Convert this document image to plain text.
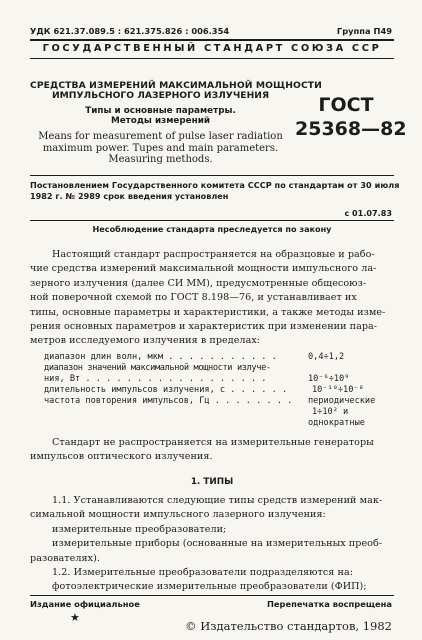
УДК 621.37.089.5 : 621.375.826 : 006.354	Группа П49
ГОСУДАРСТВЕННЫЙ СТАНДАРТ СОЮЗА ССР
СРЕДСТВА ИЗМЕРЕНИЙ МАКСИМАЛЬНОЙ МОЩНОСТИ
ИМПУЛЬСНОГО ЛАЗЕРНОГО ИЗЛУЧЕНИЯ
Типы и основные параметры.
Методы измерений
Means for measurement of pulse laser radiation
maximum power. Tupes and main parameters.
Measuring methods.
ГОСТ
25368—82
Постановлением Государственного комитета СССР по стандартам от 30 июля
1982 г. № 2989 срок введения установлен
с 01.07.83
Несоблюдение стандарта преследуется по закону
Настоящий стандарт распространяется на образцовые и рабо-
чие средства измерений максимальной мощности импульсного ла-
зерного излучения (далее СИ ММ), предусмотренные общесоюз-
ной поверочной схемой по ГОСТ 8.198—76, и устанавливает их
типы, основные параметры и характеристики, а также методы изме-
рения основных параметров и характеристик при изменении пара-
метров исследуемого излучения в пределах:
диапазон длин волн, мкм . . . . . . . . . . .	0,4÷1,2
диапазон значений максимальной мощности излуче-
ния, Вт . . . . . . . . . . . . . . . . . .	10⁻⁶÷10⁹
длительность импульсов излучения, с . . . . . .	10⁻¹⁰÷10⁻⁸
частота повторения импульсов, Гц . . . . . . . . периодические
1÷10² и
однократные
Стандарт не распространяется на измерительные генераторы
импульсов оптического излучения.
1. ТИПЫ
1.1. Устанавливаются следующие типы средств измерений мак-
симальной мощности импульсного лазерного излучения:
измерительные преобразователи;
измерительные приборы (основанные на измерительных преоб-
разователях).
1.2. Измерительные преобразователи подразделяются на:
фотоэлектрические измерительные преобразователи (ФИП);
Издание официальное	Перепечатка воспрещена
★
© Издательство стандартов, 1982
